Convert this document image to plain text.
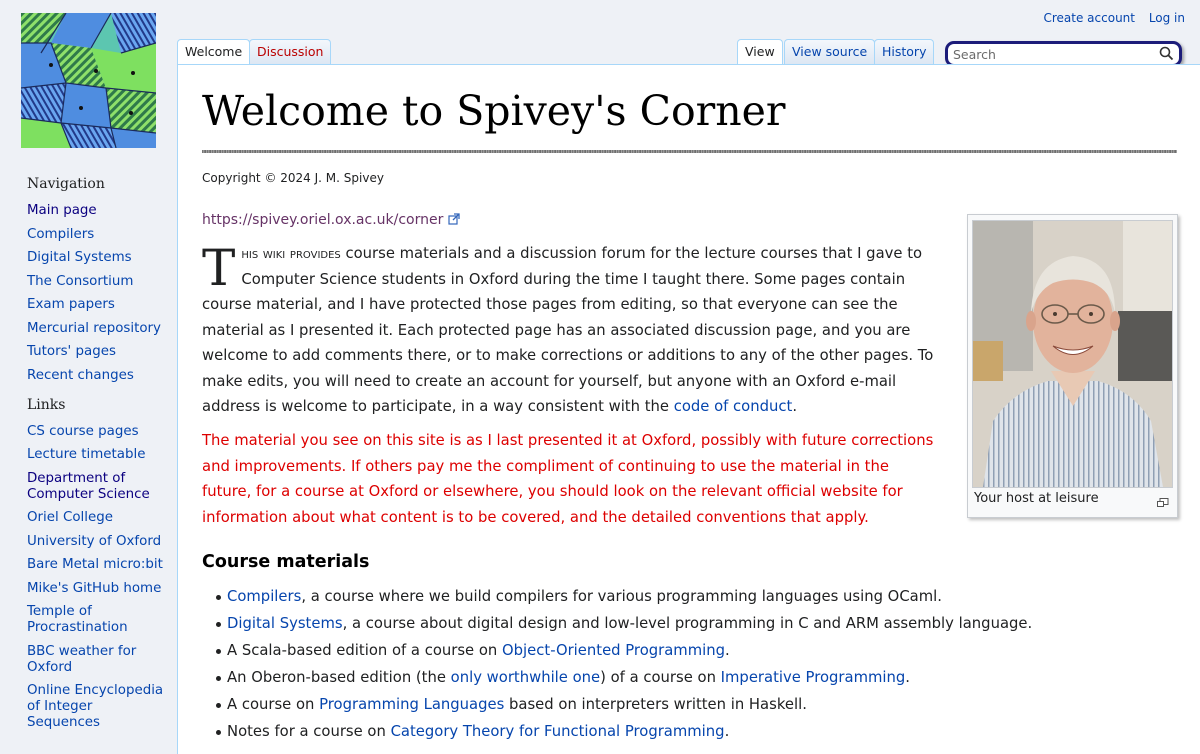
Create account Log in
Welcome	Discussion	View	View source	History
Search
Navigation
Main page
Compilers
Digital Systems
The Consortium
Exam papers
Mercurial repository
Tutors' pages
Recent changes
Links
CS course pages
Lecture timetable
Department of Computer Science
Oriel College
University of Oxford
Bare Metal micro:bit
Mike's GitHub home
Temple of Procrastination
BBC weather for Oxford
Online Encyclopedia of Integer Sequences
Welcome to Spivey's Corner
Copyright © 2024 J. M. Spivey
https://spivey.oriel.ox.ac.uk/corner

This wiki provides course materials and a discussion forum for the lecture courses that I gave to Computer Science students in Oxford during the time I taught there. Some pages contain course material, and I have protected those pages from editing, so that everyone can see the material as I presented it. Each protected page has an associated discussion page, and you are welcome to add comments there, or to make corrections or additions to any of the other pages. To make edits, you will need to create an account for yourself, but anyone with an Oxford e-mail address is welcome to participate, in a way consistent with the code of conduct.

The material you see on this site is as I last presented it at Oxford, possibly with future corrections and improvements. If others pay me the compliment of continuing to use the material in the future, for a course at Oxford or elsewhere, you should look on the relevant official website for information about what content is to be covered, and the detailed conventions that apply.

Your host at leisure
Course materials
Compilers, a course where we build compilers for various programming languages using OCaml.
Digital Systems, a course about digital design and low-level programming in C and ARM assembly language.
A Scala-based edition of a course on Object-Oriented Programming.
An Oberon-based edition (the only worthwhile one) of a course on Imperative Programming.
A course on Programming Languages based on interpreters written in Haskell.
Notes for a course on Category Theory for Functional Programming.
